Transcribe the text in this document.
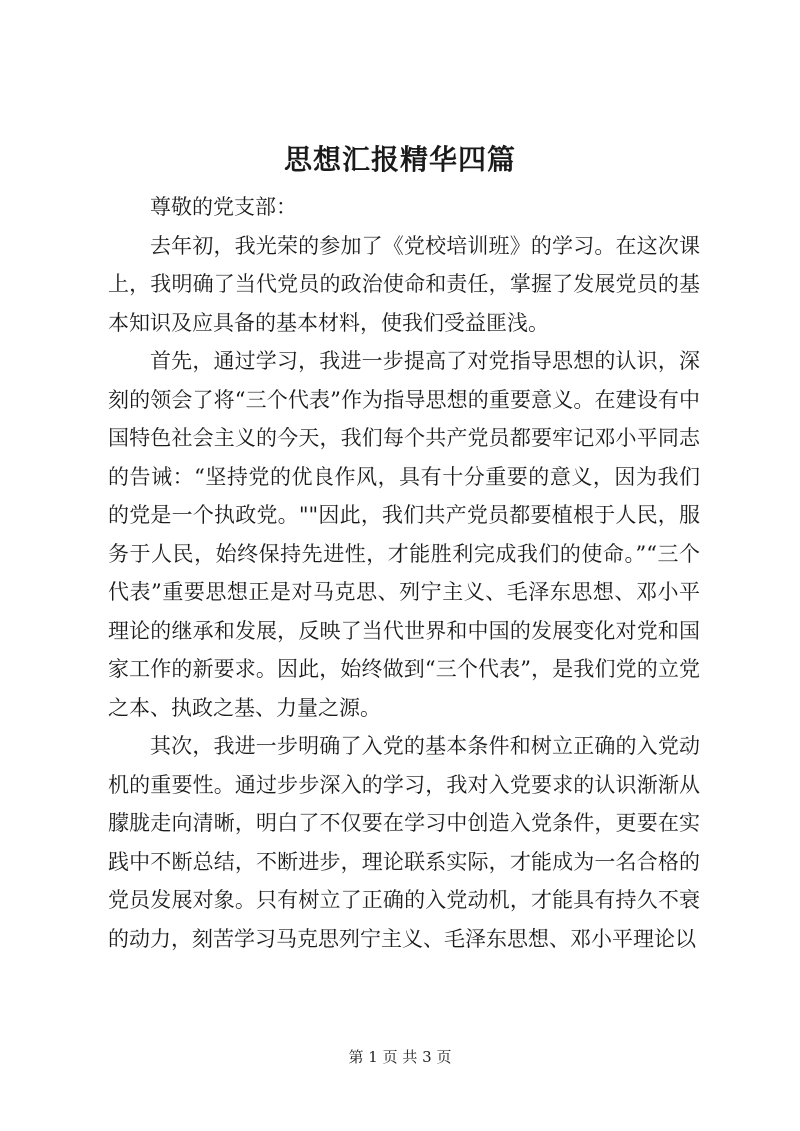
思想汇报精华四篇

尊敬的党支部：

去年初，我光荣的参加了《党校培训班》的学习。在这次课上，我明确了当代党员的政治使命和责任，掌握了发展党员的基本知识及应具备的基本材料，使我们受益匪浅。

首先，通过学习，我进一步提高了对党指导思想的认识，深刻的领会了将“三个代表”作为指导思想的重要意义。在建设有中国特色社会主义的今天，我们每个共产党员都要牢记邓小平同志的告诫：“坚持党的优良作风，具有十分重要的意义，因为我们的党是一个执政党。""因此，我们共产党员都要植根于人民，服务于人民，始终保持先进性，才能胜利完成我们的使命。”“三个代表”重要思想正是对马克思、列宁主义、毛泽东思想、邓小平理论的继承和发展，反映了当代世界和中国的发展变化对党和国家工作的新要求。因此，始终做到“三个代表”，是我们党的立党之本、执政之基、力量之源。

其次，我进一步明确了入党的基本条件和树立正确的入党动机的重要性。通过步步深入的学习，我对入党要求的认识渐渐从朦胧走向清晰，明白了不仅要在学习中创造入党条件，更要在实践中不断总结，不断进步，理论联系实际，才能成为一名合格的党员发展对象。只有树立了正确的入党动机，才能具有持久不衰的动力，刻苦学习马克思列宁主义、毛泽东思想、邓小平理论以

第 1 页 共 3 页
